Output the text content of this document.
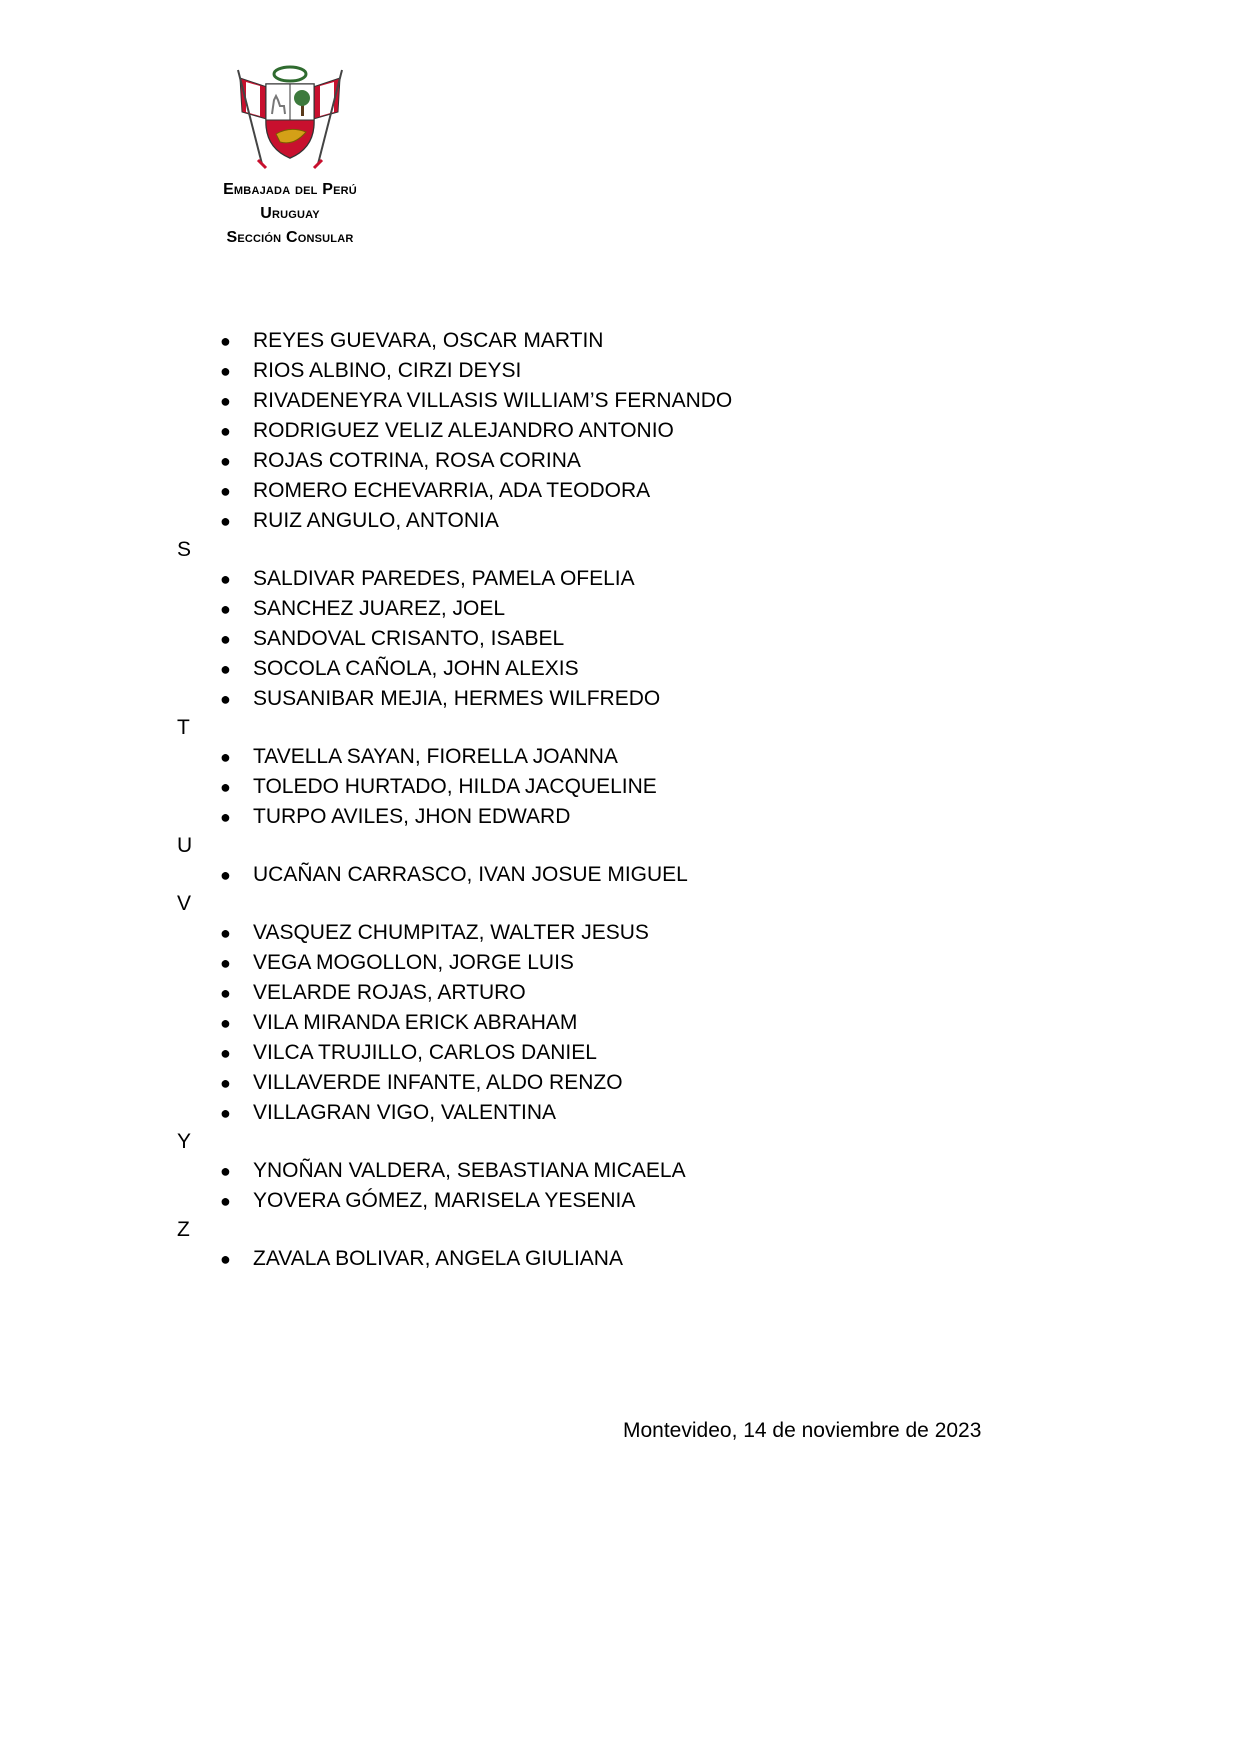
Embajada del Perú
Uruguay
Sección Consular
● REYES GUEVARA, OSCAR MARTIN
● RIOS ALBINO, CIRZI DEYSI
● RIVADENEYRA VILLASIS WILLIAM’S FERNANDO
● RODRIGUEZ VELIZ ALEJANDRO ANTONIO
● ROJAS COTRINA, ROSA CORINA
● ROMERO ECHEVARRIA, ADA TEODORA
● RUIZ ANGULO, ANTONIA
S
● SALDIVAR PAREDES, PAMELA OFELIA
● SANCHEZ JUAREZ, JOEL
● SANDOVAL CRISANTO, ISABEL
● SOCOLA CAÑOLA, JOHN ALEXIS
● SUSANIBAR MEJIA, HERMES WILFREDO
T
● TAVELLA SAYAN, FIORELLA JOANNA
● TOLEDO HURTADO, HILDA JACQUELINE
● TURPO AVILES, JHON EDWARD
U
● UCAÑAN CARRASCO, IVAN JOSUE MIGUEL
V
● VASQUEZ CHUMPITAZ, WALTER JESUS
● VEGA MOGOLLON, JORGE LUIS
● VELARDE ROJAS, ARTURO
● VILA MIRANDA ERICK ABRAHAM
● VILCA TRUJILLO, CARLOS DANIEL
● VILLAVERDE INFANTE, ALDO RENZO
● VILLAGRAN VIGO, VALENTINA
Y
● YNOÑAN VALDERA, SEBASTIANA MICAELA
● YOVERA GÓMEZ, MARISELA YESENIA
Z
● ZAVALA BOLIVAR, ANGELA GIULIANA
Montevideo, 14 de noviembre de 2023
